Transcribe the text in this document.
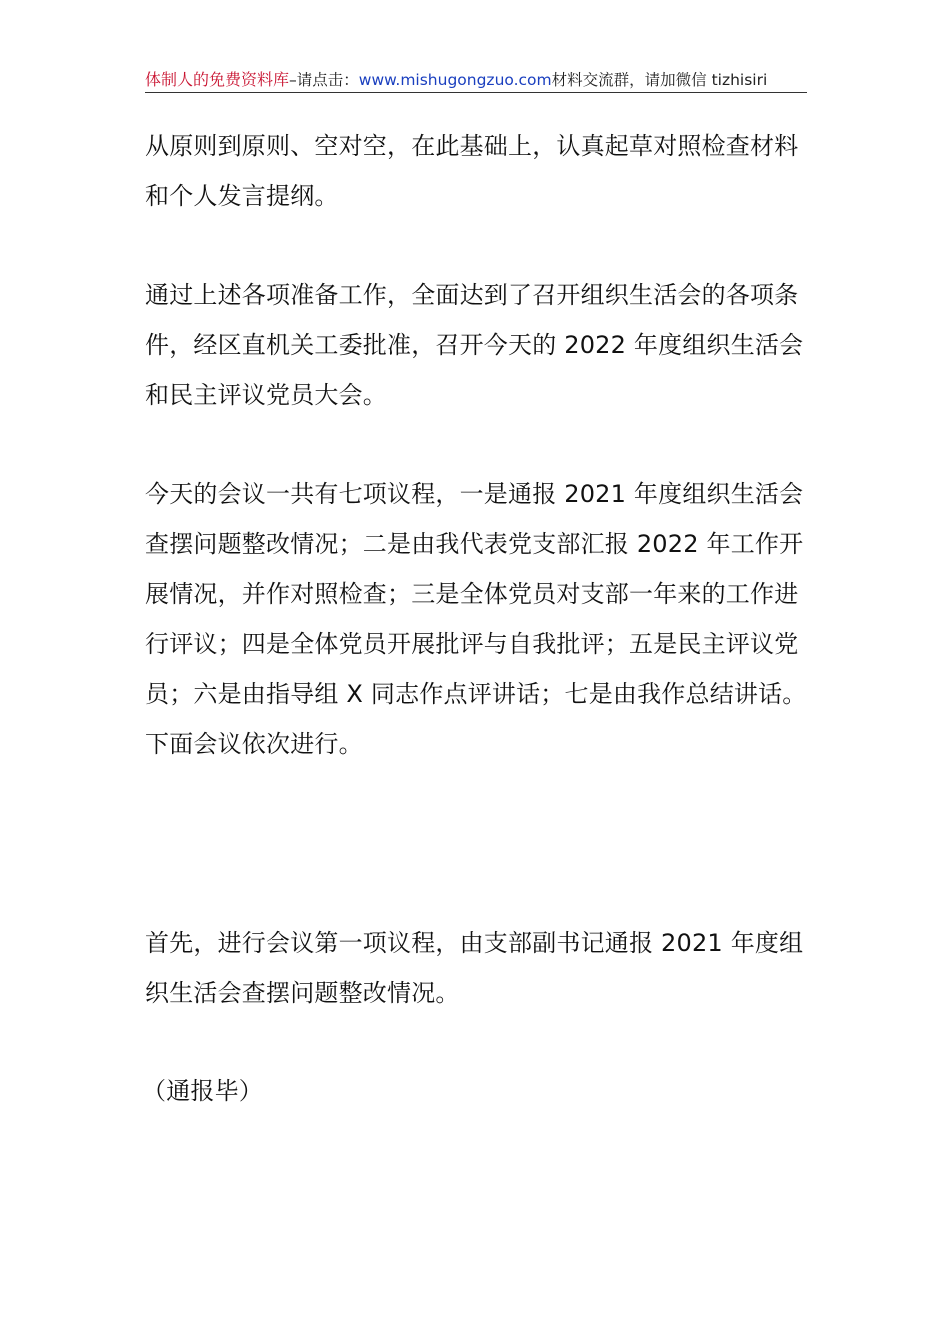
体制人的免费资料库–请点击：www.mishugongzuo.com材料交流群，请加微信 tizhisiri

从原则到原则、空对空，在此基础上，认真起草对照检查材料
和个人发言提纲。

通过上述各项准备工作，全面达到了召开组织生活会的各项条
件，经区直机关工委批准，召开今天的 2022 年度组织生活会
和民主评议党员大会。

今天的会议一共有七项议程，一是通报 2021 年度组织生活会
查摆问题整改情况；二是由我代表党支部汇报 2022 年工作开
展情况，并作对照检查；三是全体党员对支部一年来的工作进
行评议；四是全体党员开展批评与自我批评；五是民主评议党
员；六是由指导组 X 同志作点评讲话；七是由我作总结讲话。
下面会议依次进行。

首先，进行会议第一项议程，由支部副书记通报 2021 年度组
织生活会查摆问题整改情况。

（通报毕）
